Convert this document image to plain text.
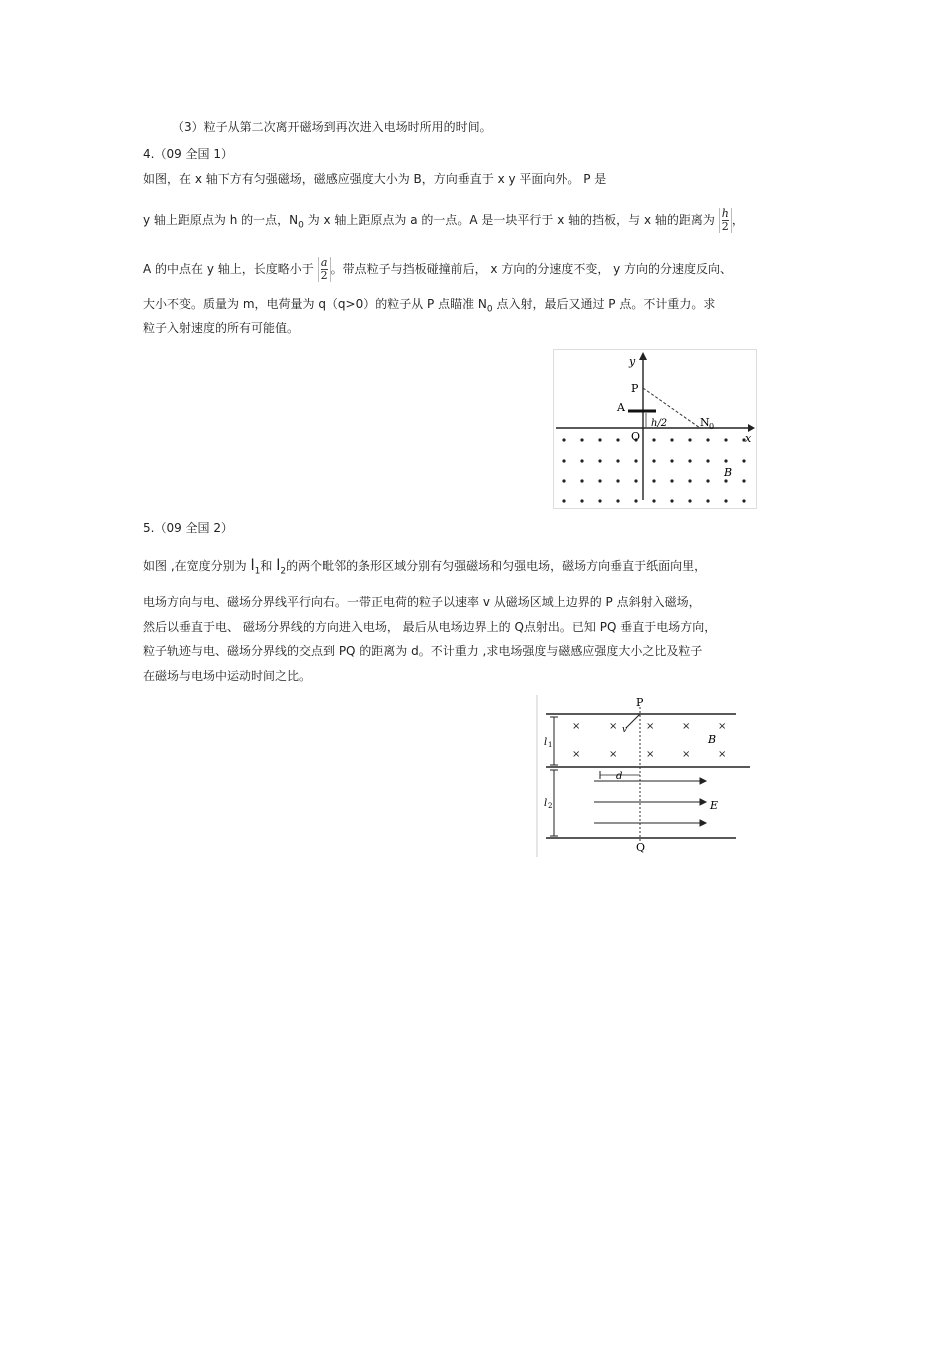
（3）粒子从第二次离开磁场到再次进入电场时所用的时间。
4.（09 全国 1）
如图，在 x 轴下方有匀强磁场，磁感应强度大小为 B，方向垂直于 x y 平面向外。 P 是
y 轴上距原点为 h 的一点，$N_0$ 为 x 轴上距原点为 a 的一点。A 是一块平行于 x 轴的挡板，与 x 轴的距离为 $\frac{h}{2}$ ，
A 的中点在 y 轴上，长度略小于 $\frac{a}{2}$ 。带点粒子与挡板碰撞前后， x 方向的分速度不变， y 方向的分速度反向、
大小不变。质量为 m，电荷量为 q（q>0）的粒子从 P 点瞄准 $N_0$ 点入射，最后又通过 P 点。不计重力。求
粒子入射速度的所有可能值。
y
x
P
A
O
h/2	N 0
B
5.（09 全国 2）
如图 ,在宽度分别为 $l_1$和 $l_2$的两个毗邻的条形区域分别有匀强磁场和匀强电场，磁场方向垂直于纸面向里，
电场方向与电、磁场分界线平行向右。一带正电荷的粒子以速率 v 从磁场区域上边界的 P 点斜射入磁场，
然后以垂直于电、 磁场分界线的方向进入电场， 最后从电场边界上的 Q点射出。已知 PQ 垂直于电场方向，
粒子轨迹与电、磁场分界线的交点到 PQ 的距离为 d。不计重力 ,求电场强度与磁感应强度大小之比及粒子
在磁场与电场中运动时间之比。
×	×	×	×	×
×	×	×	×	×
P
v
B
l 1
d
E
l 2
Q
